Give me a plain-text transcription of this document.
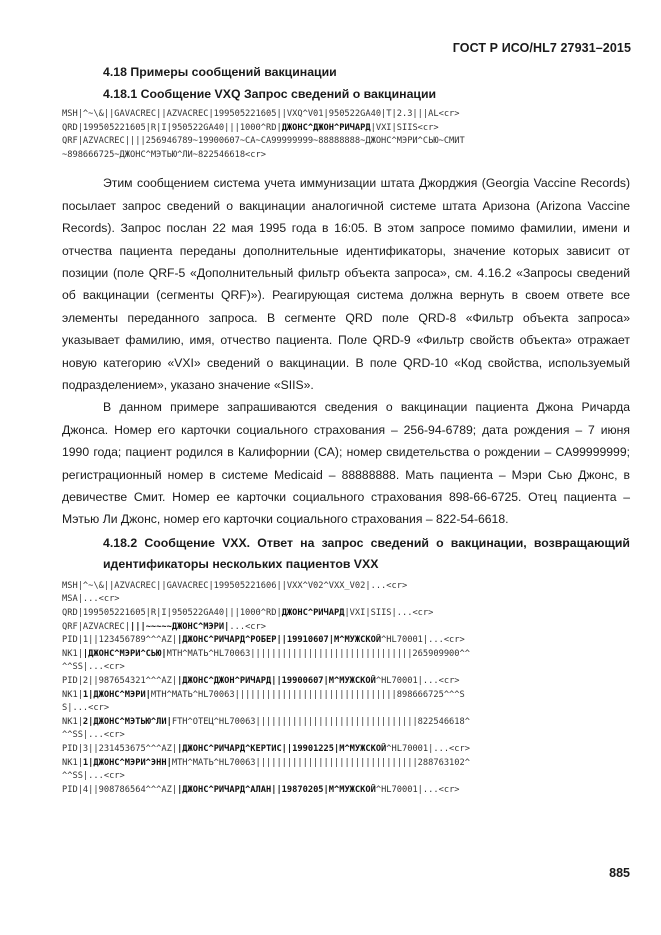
ГОСТ Р ИСО/HL7 27931–2015
4.18 Примеры сообщений вакцинации
4.18.1 Сообщение VXQ Запрос сведений о вакцинации
MSH|^~\&||GAVACREC||AZVACREC|199505221605||VXQ^V01|950522GA40|T|2.3|||AL<cr>
QRD|199505221605|R|I|950522GA40|||1000^RD|ДЖОНС^ДЖОН^РИЧАРД|VXI|SIIS<cr>
QRF|AZVACREC||||256946789~19900607~CA~CA99999999~88888888~ДЖОНС^МЭРИ^СЬЮ~СМИТ
~898666725~ДЖОНС^МЭТЬЮ^ЛИ~822546618<cr>

Этим сообщением система учета иммунизации штата Джорджия (Georgia Vaccine Records) посылает запрос сведений о вакцинации аналогичной системе штата Аризона (Arizona Vaccine Records). Запрос послан 22 мая 1995 года в 16:05. В этом запросе помимо фамилии, имени и отчества пациента переданы дополнительные идентификаторы, значение которых зависит от позиции (поле QRF-5 «Дополнительный фильтр объекта запроса», см. 4.16.2 «Запросы сведений об вакцинации (сегменты QRF)»). Реагирующая система должна вернуть в своем ответе все элементы переданного запроса. В сегменте QRD поле QRD-8 «Фильтр объекта запроса» указывает фамилию, имя, отчество пациента. Поле QRD-9 «Фильтр свойств объекта» отражает новую категорию «VXI» сведений о вакцинации. В поле QRD-10 «Код свойства, используемый подразделением», указано значение «SIIS».

В данном примере запрашиваются сведения о вакцинации пациента Джона Ричарда Джонса. Номер его карточки социального страхования – 256-94-6789; дата рождения – 7 июня 1990 года; пациент родился в Калифорнии (CA); номер свидетельства о рождении – CA99999999; регистрационный номер в системе Medicaid – 88888888. Мать пациента – Мэри Сью Джонс, в девичестве Смит. Номер ее карточки социального страхования 898-66-6725. Отец пациента – Мэтью Ли Джонс, номер его карточки социального страхования – 822-54-6618.

4.18.2 Сообщение VXX. Ответ на запрос сведений о вакцинации, возвращающий идентификаторы нескольких пациентов VXX
MSH|^~\&||AZVACREC||GAVACREC|199505221606||VXX^V02^VXX_V02|...<cr>
MSA|...<cr>
QRD|199505221605|R|I|950522GA40|||1000^RD|ДЖОНС^РИЧАРД|VXI|SIIS|...<cr>
QRF|AZVACREC||||~~~~~ДЖОНС^МЭРИ|...<cr>
PID|1||123456789^^^AZ||ДЖОНС^РИЧАРД^РОБЕР||19910607|М^МУЖСКОЙ^HL70001|...<cr>
NK1||ДЖОНС^МЭРИ^СЬЮ|MTH^МАТЬ^HL70063|||||||||||||||||||||||||||||||265909900^^
^^SS|...<cr>
PID|2||987654321^^^AZ||ДЖОНС^ДЖОН^РИЧАРД||19900607|М^МУЖСКОЙ^HL70001|...<cr>
NK1|1|ДЖОНС^МЭРИ|MTH^МАТЬ^HL70063|||||||||||||||||||||||||||||||898666725^^^S
S|...<cr>
NK1|2|ДЖОНС^МЭТЬЮ^ЛИ|FTH^ОТЕЦ^HL70063|||||||||||||||||||||||||||||||822546618^
^^SS|...<cr>
PID|3||231453675^^^AZ||ДЖОНС^РИЧАРД^КЕРТИС||19901225|М^МУЖСКОЙ^HL70001|...<cr>
NK1|1|ДЖОНС^МЭРИ^ЭНН|MTH^МАТЬ^HL70063|||||||||||||||||||||||||||||||288763102^
^^SS|...<cr>
PID|4||908786564^^^AZ||ДЖОНС^РИЧАРД^АЛАН||19870205|М^МУЖСКОЙ^HL70001|...<cr>
885
